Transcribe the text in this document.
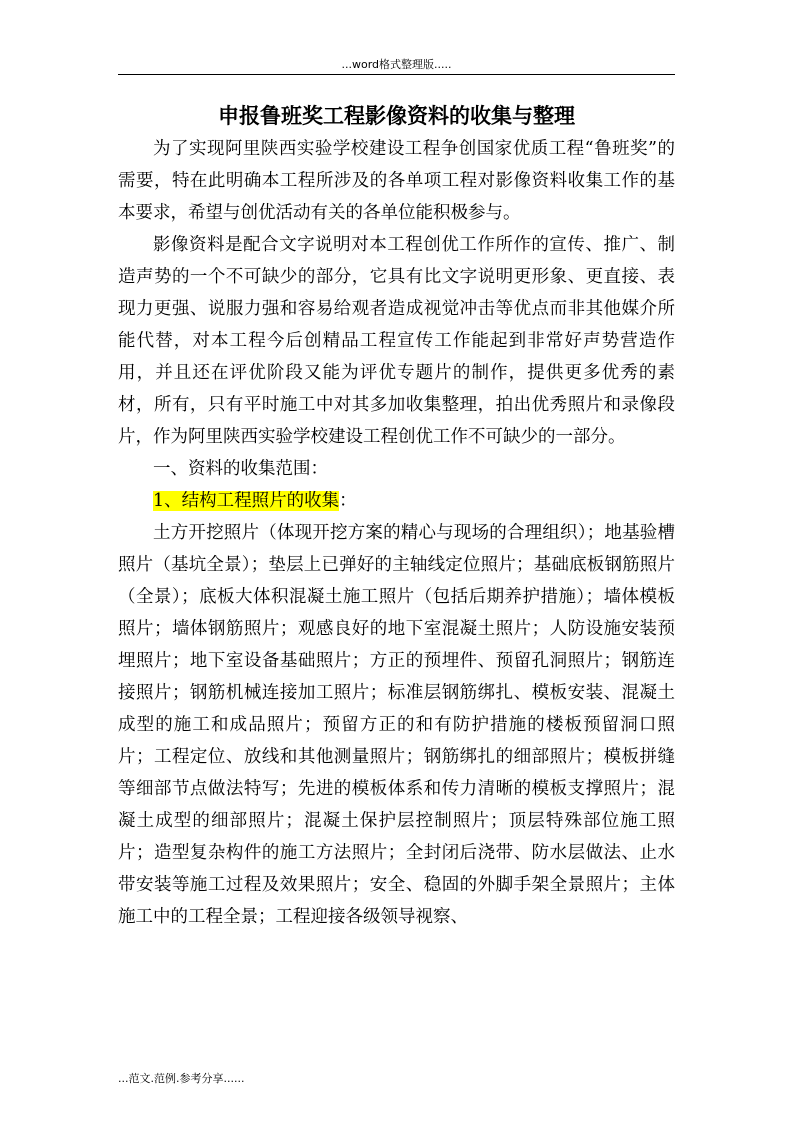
...word格式整理版.....
申报鲁班奖工程影像资料的收集与整理

为了实现阿里陕西实验学校建设工程争创国家优质工程“鲁班奖”的需要，特在此明确本工程所涉及的各单项工程对影像资料收集工作的基本要求，希望与创优活动有关的各单位能积极参与。

影像资料是配合文字说明对本工程创优工作所作的宣传、推广、制造声势的一个不可缺少的部分，它具有比文字说明更形象、更直接、表现力更强、说服力强和容易给观者造成视觉冲击等优点而非其他媒介所能代替，对本工程今后创精品工程宣传工作能起到非常好声势营造作用，并且还在评优阶段又能为评优专题片的制作，提供更多优秀的素材，所有，只有平时施工中对其多加收集整理，拍出优秀照片和录像段片，作为阿里陕西实验学校建设工程创优工作不可缺少的一部分。

一、资料的收集范围：

1、结构工程照片的收集：

土方开挖照片（体现开挖方案的精心与现场的合理组织）；地基验槽照片（基坑全景）；垫层上已弹好的主轴线定位照片；基础底板钢筋照片（全景）；底板大体积混凝土施工照片（包括后期养护措施）；墙体模板照片；墙体钢筋照片；观感良好的地下室混凝土照片；人防设施安装预埋照片；地下室设备基础照片；方正的预埋件、预留孔洞照片；钢筋连接照片；钢筋机械连接加工照片；标准层钢筋绑扎、模板安装、混凝土成型的施工和成品照片；预留方正的和有防护措施的楼板预留洞口照片；工程定位、放线和其他测量照片；钢筋绑扎的细部照片；模板拼缝等细部节点做法特写；先进的模板体系和传力清晰的模板支撑照片；混凝土成型的细部照片；混凝土保护层控制照片；顶层特殊部位施工照片；造型复杂构件的施工方法照片；全封闭后浇带、防水层做法、止水带安装等施工过程及效果照片；安全、稳固的外脚手架全景照片；主体施工中的工程全景；工程迎接各级领导视察、

...范文.范例.参考分享......
